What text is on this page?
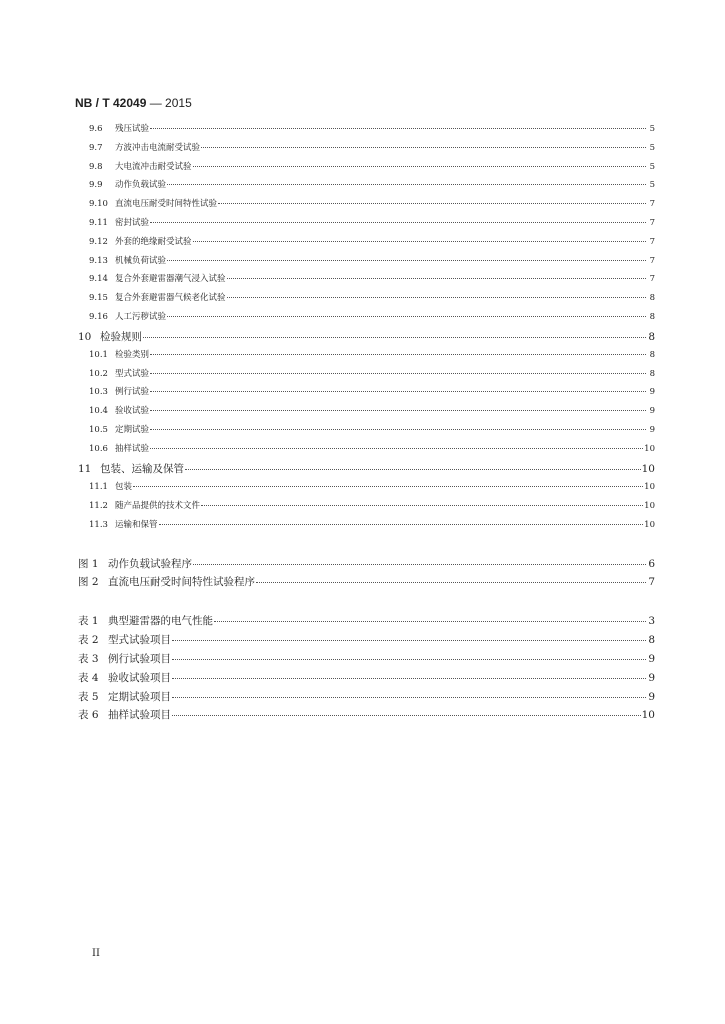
NB / T 42049 — 2015
9.6	残压试验	5
9.7	方波冲击电流耐受试验	5
9.8	大电流冲击耐受试验	5
9.9	动作负载试验	5
9.10 直流电压耐受时间特性试验	7
9.11 密封试验	7
9.12 外套的绝缘耐受试验	7
9.13 机械负荷试验	7
9.14 复合外套避雷器潮气浸入试验	7
9.15 复合外套避雷器气候老化试验	8
9.16 人工污秽试验	8
10 检验规则	8
10.1 检验类别	8
10.2 型式试验	8
10.3 例行试验	9
10.4 验收试验	9
10.5 定期试验	9
10.6 抽样试验	10
11 包装、运输及保管	10
11.1 包装	10
11.2 随产品提供的技术文件	10
11.3 运输和保管	10
图 1 动作负载试验程序	6
图 2 直流电压耐受时间特性试验程序	7
表 1 典型避雷器的电气性能	3
表 2 型式试验项目	8
表 3 例行试验项目	9
表 4 验收试验项目	9
表 5 定期试验项目	9
表 6 抽样试验项目	10
II
